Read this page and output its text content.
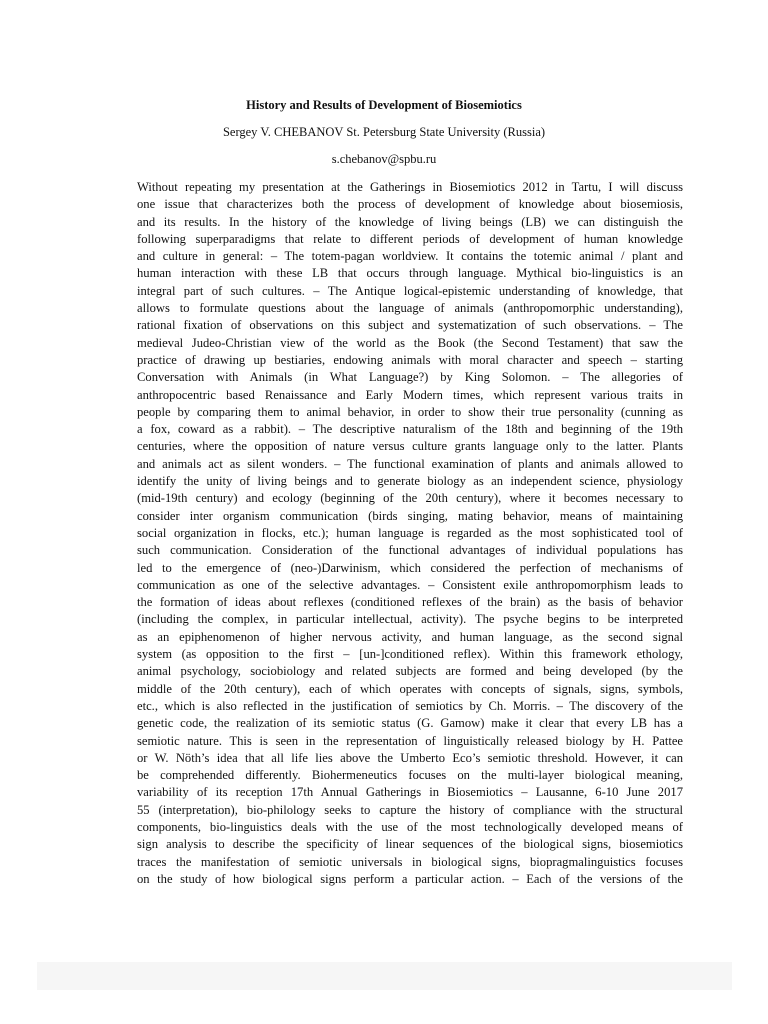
History and Results of Development of Biosemiotics
Sergey V. CHEBANOV St. Petersburg State University (Russia)
s.chebanov@spbu.ru
Without repeating my presentation at the Gatherings in Biosemiotics 2012 in Tartu, I will discuss
one issue that characterizes both the process of development of knowledge about biosemiosis,
and its results. In the history of the knowledge of living beings (LB) we can distinguish the
following superparadigms that relate to different periods of development of human knowledge
and culture in general: – The totem-pagan worldview. It contains the totemic animal / plant and
human interaction with these LB that occurs through language. Mythical bio-linguistics is an
integral part of such cultures. – The Antique logical-epistemic understanding of knowledge, that
allows to formulate questions about the language of animals (anthropomorphic understanding),
rational fixation of observations on this subject and systematization of such observations. – The
medieval Judeo-Christian view of the world as the Book (the Second Testament) that saw the
practice of drawing up bestiaries, endowing animals with moral character and speech – starting
Conversation with Animals (in What Language?) by King Solomon. – The allegories of
anthropocentric based Renaissance and Early Modern times, which represent various traits in
people by comparing them to animal behavior, in order to show their true personality (cunning as
a fox, coward as a rabbit). – The descriptive naturalism of the 18th and beginning of the 19th
centuries, where the opposition of nature versus culture grants language only to the latter. Plants
and animals act as silent wonders. – The functional examination of plants and animals allowed to
identify the unity of living beings and to generate biology as an independent science, physiology
(mid-19th century) and ecology (beginning of the 20th century), where it becomes necessary to
consider inter organism communication (birds singing, mating behavior, means of maintaining
social organization in flocks, etc.); human language is regarded as the most sophisticated tool of
such communication. Consideration of the functional advantages of individual populations has
led to the emergence of (neo-)Darwinism, which considered the perfection of mechanisms of
communication as one of the selective advantages. – Consistent exile anthropomorphism leads to
the formation of ideas about reflexes (conditioned reflexes of the brain) as the basis of behavior
(including the complex, in particular intellectual, activity). The psyche begins to be interpreted
as an epiphenomenon of higher nervous activity, and human language, as the second signal
system (as opposition to the first – [un-]conditioned reflex). Within this framework ethology,
animal psychology, sociobiology and related subjects are formed and being developed (by the
middle of the 20th century), each of which operates with concepts of signals, signs, symbols,
etc., which is also reflected in the justification of semiotics by Ch. Morris. – The discovery of the
genetic code, the realization of its semiotic status (G. Gamow) make it clear that every LB has a
semiotic nature. This is seen in the representation of linguistically released biology by H. Pattee
or W. Nöth’s idea that all life lies above the Umberto Eco’s semiotic threshold. However, it can
be comprehended differently. Biohermeneutics focuses on the multi-layer biological meaning,
variability of its reception 17th Annual Gatherings in Biosemiotics – Lausanne, 6-10 June 2017
55 (interpretation), bio-philology seeks to capture the history of compliance with the structural
components, bio-linguistics deals with the use of the most technologically developed means of
sign analysis to describe the specificity of linear sequences of the biological signs, biosemiotics
traces the manifestation of semiotic universals in biological signs, biopragmalinguistics focuses
on the study of how biological signs perform a particular action. – Each of the versions of the
